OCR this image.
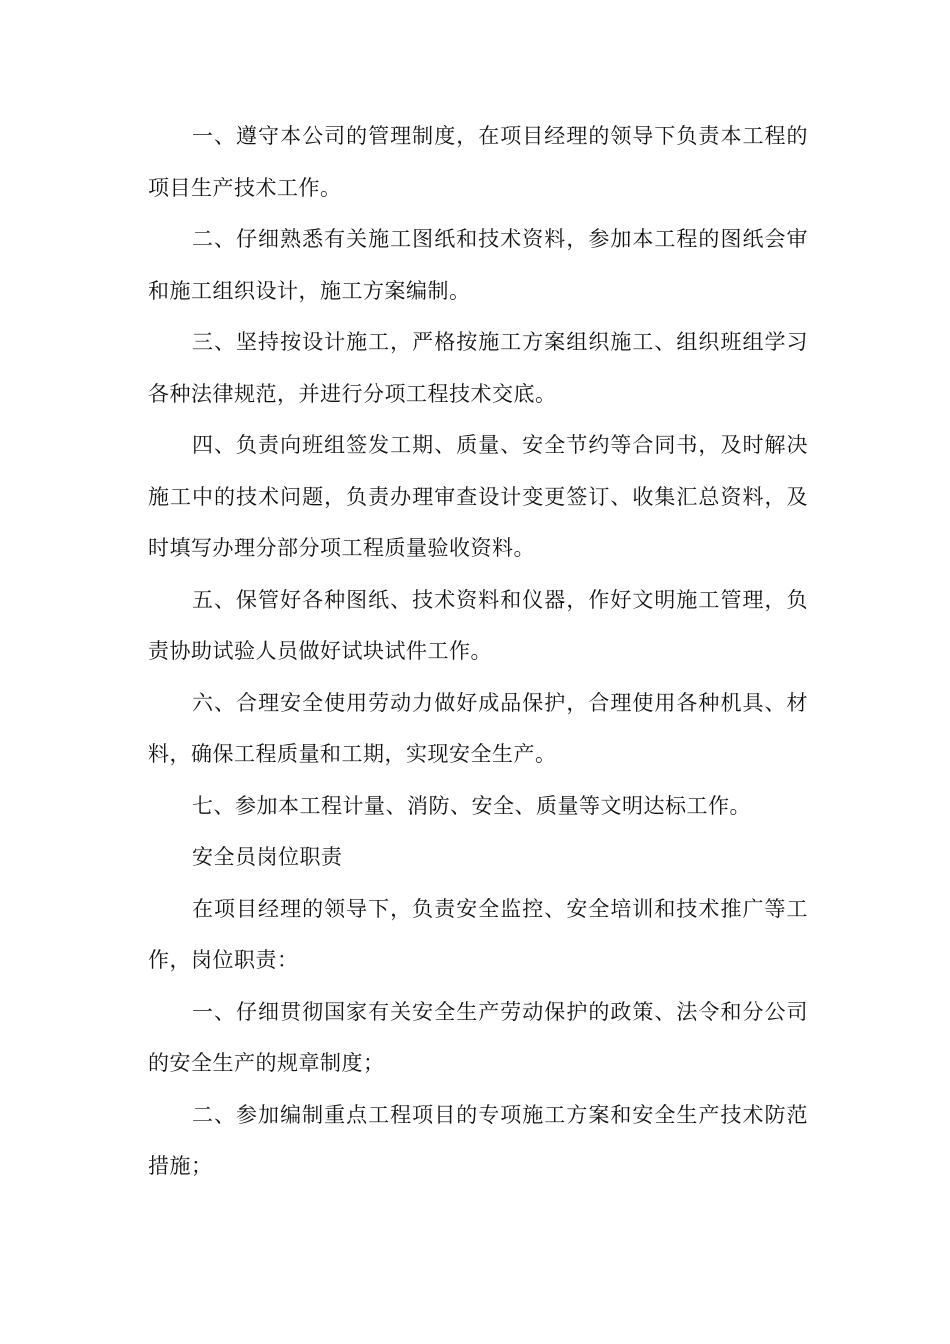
一、遵守本公司的管理制度，在项目经理的领导下负责本工程的项目生产技术工作。

二、仔细熟悉有关施工图纸和技术资料，参加本工程的图纸会审和施工组织设计，施工方案编制。

三、坚持按设计施工，严格按施工方案组织施工、组织班组学习各种法律规范，并进行分项工程技术交底。

四、负责向班组签发工期、质量、安全节约等合同书，及时解决施工中的技术问题，负责办理审查设计变更签订、收集汇总资料，及时填写办理分部分项工程质量验收资料。

五、保管好各种图纸、技术资料和仪器，作好文明施工管理，负责协助试验人员做好试块试件工作。

六、合理安全使用劳动力做好成品保护，合理使用各种机具、材料，确保工程质量和工期，实现安全生产。

七、参加本工程计量、消防、安全、质量等文明达标工作。

安全员岗位职责

在项目经理的领导下，负责安全监控、安全培训和技术推广等工作，岗位职责：

一、仔细贯彻国家有关安全生产劳动保护的政策、法令和分公司的安全生产的规章制度；

二、参加编制重点工程项目的专项施工方案和安全生产技术防范措施；
